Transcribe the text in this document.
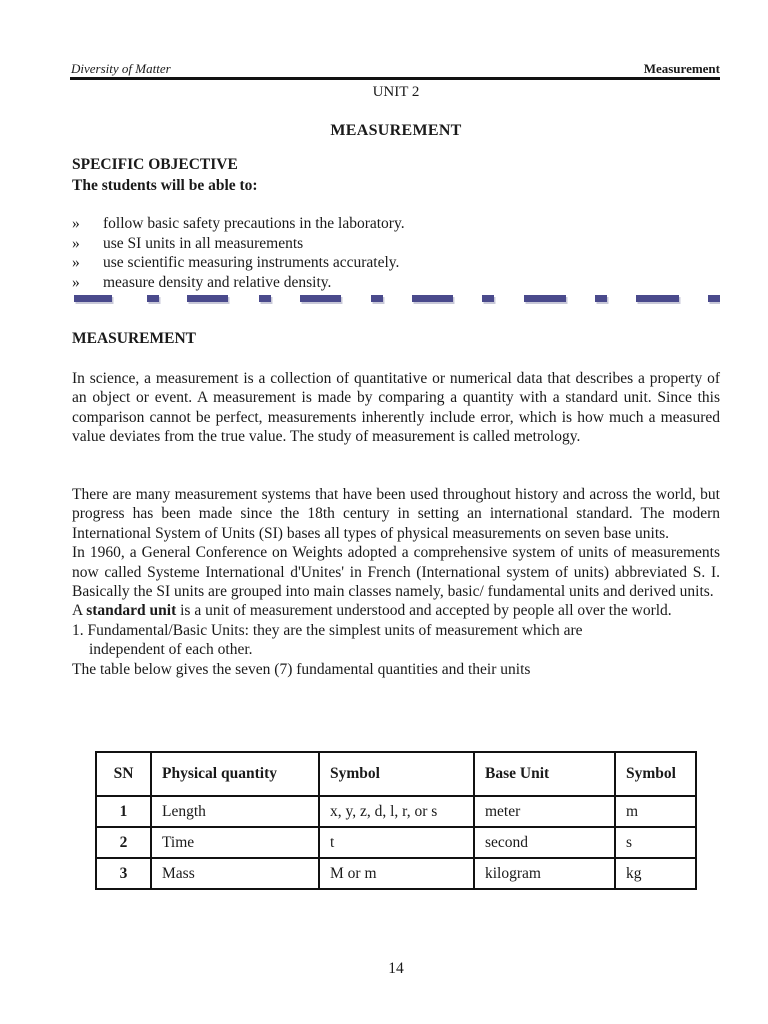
Diversity of Matter	Measurement
UNIT 2
MEASUREMENT
SPECIFIC OBJECTIVE
The students will be able to:
» follow basic safety precautions in the laboratory.
» use SI units in all measurements
» use scientific measuring instruments accurately.
» measure density and relative density.
MEASUREMENT

In science, a measurement is a collection of quantitative or numerical data that describes a property of an object or event. A measurement is made by comparing a quantity with a standard unit. Since this comparison cannot be perfect, measurements inherently include error, which is how much a measured value deviates from the true value. The study of measurement is called metrology.

There are many measurement systems that have been used throughout history and across the world, but progress has been made since the 18th century in setting an international standard. The modern International System of Units (SI) bases all types of physical measurements on seven base units.

In 1960, a General Conference on Weights adopted a comprehensive system of units of measurements now called Systeme International d'Unites' in French (International system of units) abbreviated S. I. Basically the SI units are grouped into main classes namely, basic/ fundamental units and derived units.

A standard unit is a unit of measurement understood and accepted by people all over the world.

1. Fundamental/Basic Units: they are the simplest units of measurement which are

independent of each other.

The table below gives the seven (7) fundamental quantities and their units

SN	Physical quantity	Symbol	Base Unit	Symbol
1	Length	x, y, z, d, l, r, or s	meter	m
2	Time	t	second	s
3	Mass	M or m	kilogram	kg
14
